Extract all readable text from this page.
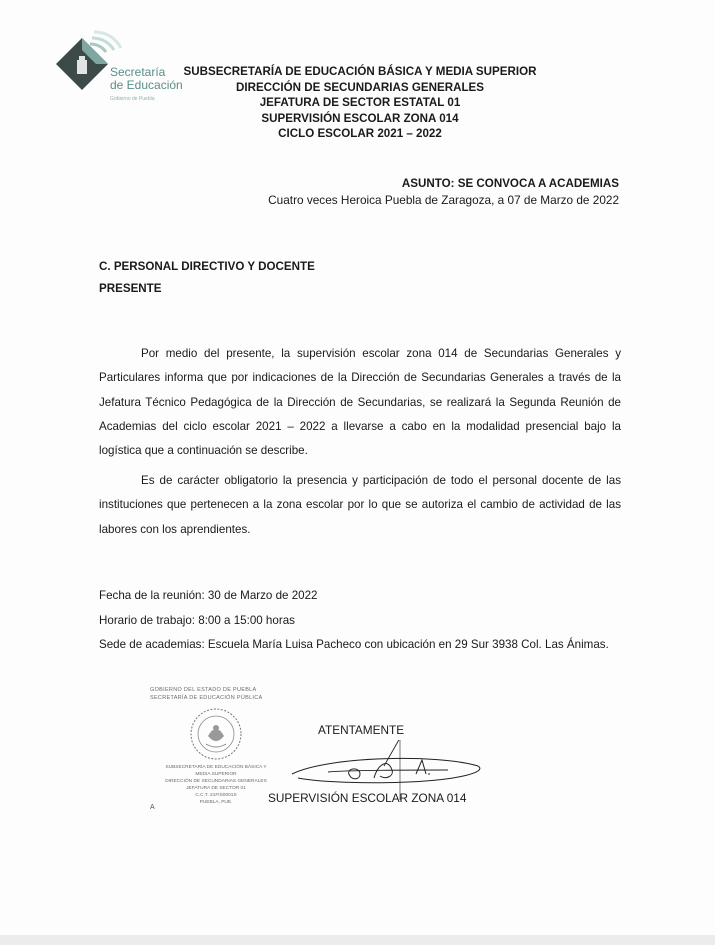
Secretaría
de Educación
Gobierno de Puebla
SUBSECRETARÍA DE EDUCACIÓN BÁSICA Y MEDIA SUPERIOR
DIRECCIÓN DE SECUNDARIAS GENERALES
JEFATURA DE SECTOR ESTATAL 01
SUPERVISIÓN ESCOLAR ZONA 014
CICLO ESCOLAR 2021 – 2022
ASUNTO: SE CONVOCA A ACADEMIAS
Cuatro veces Heroica Puebla de Zaragoza, a 07 de Marzo de 2022
C. PERSONAL DIRECTIVO Y DOCENTE
PRESENTE
Por medio del presente, la supervisión escolar zona 014 de Secundarias Generales y Particulares informa que por indicaciones de la Dirección de Secundarias Generales a través de la Jefatura Técnico Pedagógica de la Dirección de Secundarias, se realizará la Segunda Reunión de Academias del ciclo escolar 2021 – 2022 a llevarse a cabo en la modalidad presencial bajo la logística que a continuación se describe.
Es de carácter obligatorio la presencia y participación de todo el personal docente de las instituciones que pertenecen a la zona escolar por lo que se autoriza el cambio de actividad de las labores con los aprendientes.
Fecha de la reunión: 30 de Marzo de 2022
Horario de trabajo: 8:00 a 15:00 horas
Sede de academias: Escuela María Luisa Pacheco con ubicación en 29 Sur 3938 Col. Las Ánimas.
GOBIERNO DEL ESTADO DE PUEBLA
SECRETARÍA DE EDUCACIÓN PÚBLICA
SUBSECRETARÍA DE EDUCACIÓN BÁSICA Y
MEDIA SUPERIOR
DIRECCIÓN DE SECUNDARIAS GENERALES
JEFATURA DE SECTOR 01
C.C.T. 21FIS0001S
PUEBLA, PUE.
A
ATENTAMENTE
SUPERVISIÓN ESCOLAR ZONA 014
